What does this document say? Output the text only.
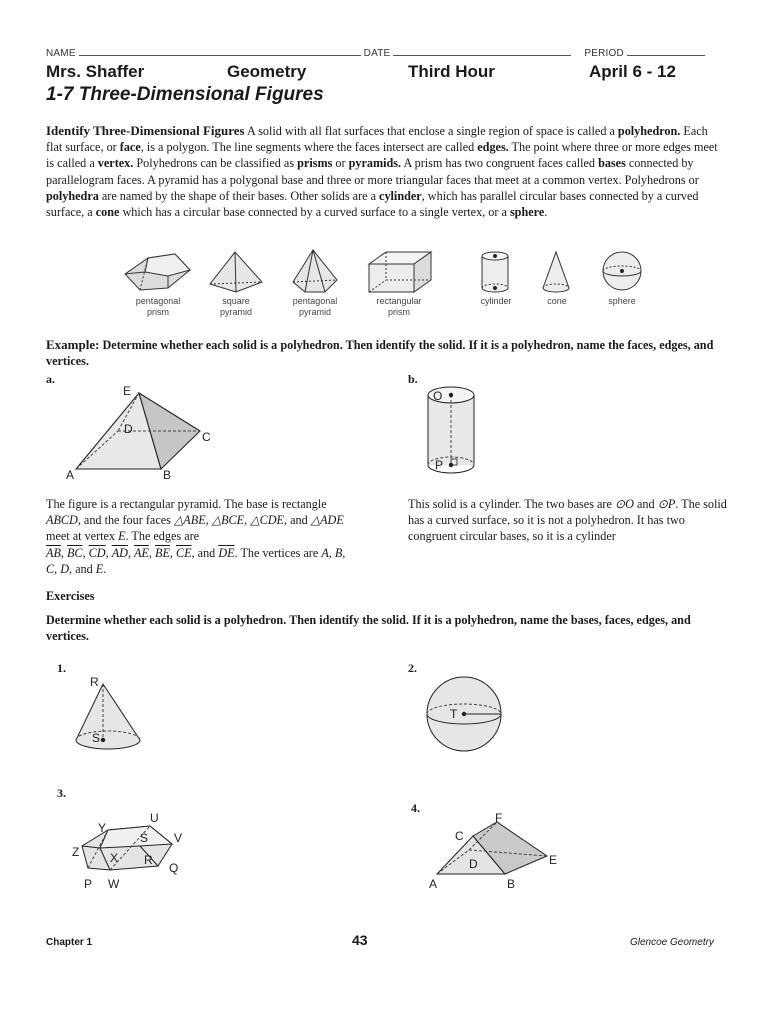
NAME	DATE	PERIOD
Mrs. Shaffer	Geometry	Third Hour	April 6 - 12
1-7 Three-Dimensional Figures
Identify Three-Dimensional Figures A solid with all flat surfaces that enclose a single region of space is called a polyhedron. Each flat surface, or face, is a polygon. The line segments where the faces intersect are called edges. The point where three or more edges meet is called a vertex. Polyhedrons can be classified as prisms or pyramids. A prism has two congruent faces called bases connected by parallelogram faces. A pyramid has a polygonal base and three or more triangular faces that meet at a common vertex. Polyhedrons or polyhedra are named by the shape of their bases. Other solids are a cylinder, which has parallel circular bases connected by a curved surface, a cone which has a circular base connected by a curved surface to a single vertex, or a sphere.
pentagonal
prism
square
pyramid
pentagonal
pyramid
rectangular
prism
cylinder	cone	sphere
Example: Determine whether each solid is a polyhedron. Then identify the solid. If it is a polyhedron, name the faces, edges, and vertices.
a.	b.
E
D
C
A	B
O
P
The figure is a rectangular pyramid. The base is rectangle ABCD, and the four faces △ABE, △BCE, △CDE, and △ADE meet at vertex E. The edges are
$\overline{AB}$, $\overline{BC}$, $\overline{CD}$, $\overline{AD}$, $\overline{AE}$, $\overline{BE}$, $\overline{CE}$, and $\overline{DE}$. The vertices are A, B, C, D, and E.
This solid is a cylinder. The two bases are ⊙O and ⊙P. The solid has a curved surface, so it is not a polyhedron. It has two congruent circular bases, so it is a cylinder
Exercises
Determine whether each solid is a polyhedron. Then identify the solid. If it is a polyhedron, name the bases, faces, edges, and vertices.
1.	2.
3.
4.
R
S
T
U
Y
S V
Z	X R
Q
P W
F
C
D	E
A	B
Chapter 1	43	Glencoe Geometry
